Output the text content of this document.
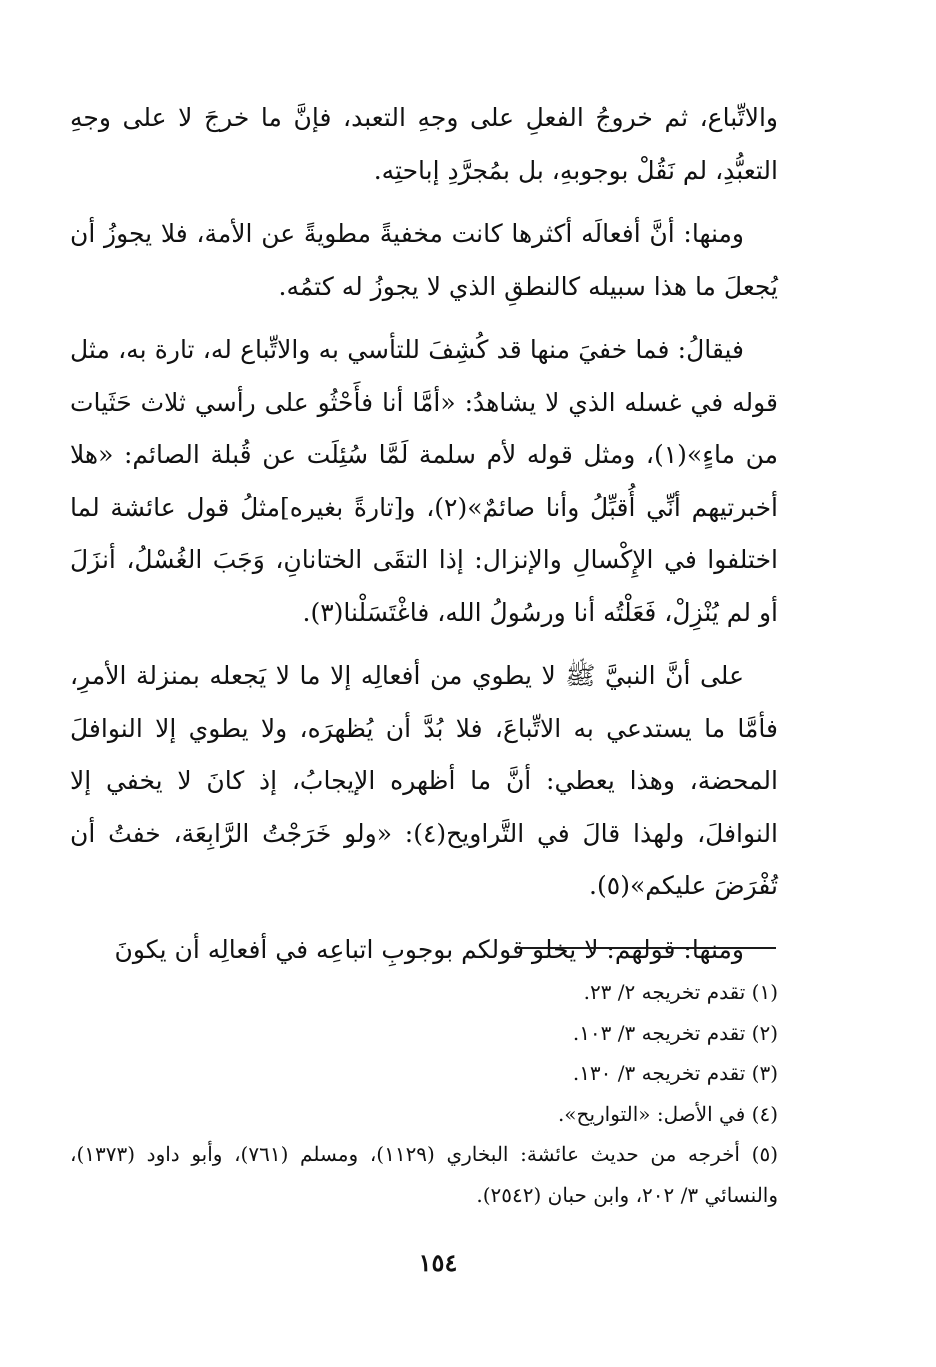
والاتِّباع، ثم خروجُ الفعلِ على وجهِ التعبد، فإنَّ ما خرجَ لا على وجهِ التعبُّدِ، لم نَقُلْ بوجوبهِ، بل بمُجرَّدِ إباحتِه.

ومنها: أنَّ أفعالَه أكثرها كانت مخفيةً مطويةً عن الأمة، فلا يجوزُ أن يُجعلَ ما هذا سبيله كالنطقِ الذي لا يجوزُ له كتمُه.

فيقالُ: فما خفيَ منها قد كُشِفَ للتأسي به والاتِّباع له، تارة به، مثل قوله في غسله الذي لا يشاهدُ: «أمَّا أنا فأَحْثُو على رأسي ثلاث حَثَيات من ماءٍ»(١)، ومثل قوله لأم سلمة لَمَّا سُئِلَت عن قُبلة الصائم: «هلا أخبرتيهم أنِّي أُقبِّلُ وأنا صائمٌ»(٢)، و[تارةً بغيره]مثلُ قول عائشة لما اختلفوا في الإِكْسالِ والإنزال: إذا التقَى الختانانِ، وَجَبَ الغُسْلُ، أنزَلَ أو لم يُنْزِلْ، فَعَلْتُه أنا ورسُولُ الله، فاغْتَسَلْنا(٣).

على أنَّ النبيَّ ﷺ لا يطوي من أفعالِه إلا ما لا يَجعله بمنزلة الأمرِ، فأمَّا ما يستدعي به الاتِّباعَ، فلا بُدَّ أن يُظهرَه، ولا يطوي إلا النوافلَ المحضة، وهذا يعطي: أنَّ ما أظهره الإيجابُ، إذ كانَ لا يخفي إلا النوافلَ، ولهذا قالَ في التَّراويح(٤): «ولو خَرَجْتُ الرَّابِعَة، خفتُ أن تُفْرَضَ عليكم»(٥).

ومنها: قولهم: لا يخلو قولكم بوجوبِ اتباعِه في أفعالِه أن يكونَ

(١) تقدم تخريجه ٢/ ٢٣.

(٢) تقدم تخريجه ٣/ ١٠٣.

(٣) تقدم تخريجه ٣/ ١٣٠.

(٤) في الأصل: «التواريح».

(٥) أخرجه من حديث عائشة: البخاري (١١٢٩)، ومسلم (٧٦١)، وأبو داود (١٣٧٣)، والنسائي ٣/ ٢٠٢، وابن حبان (٢٥٤٢).

١٥٤
